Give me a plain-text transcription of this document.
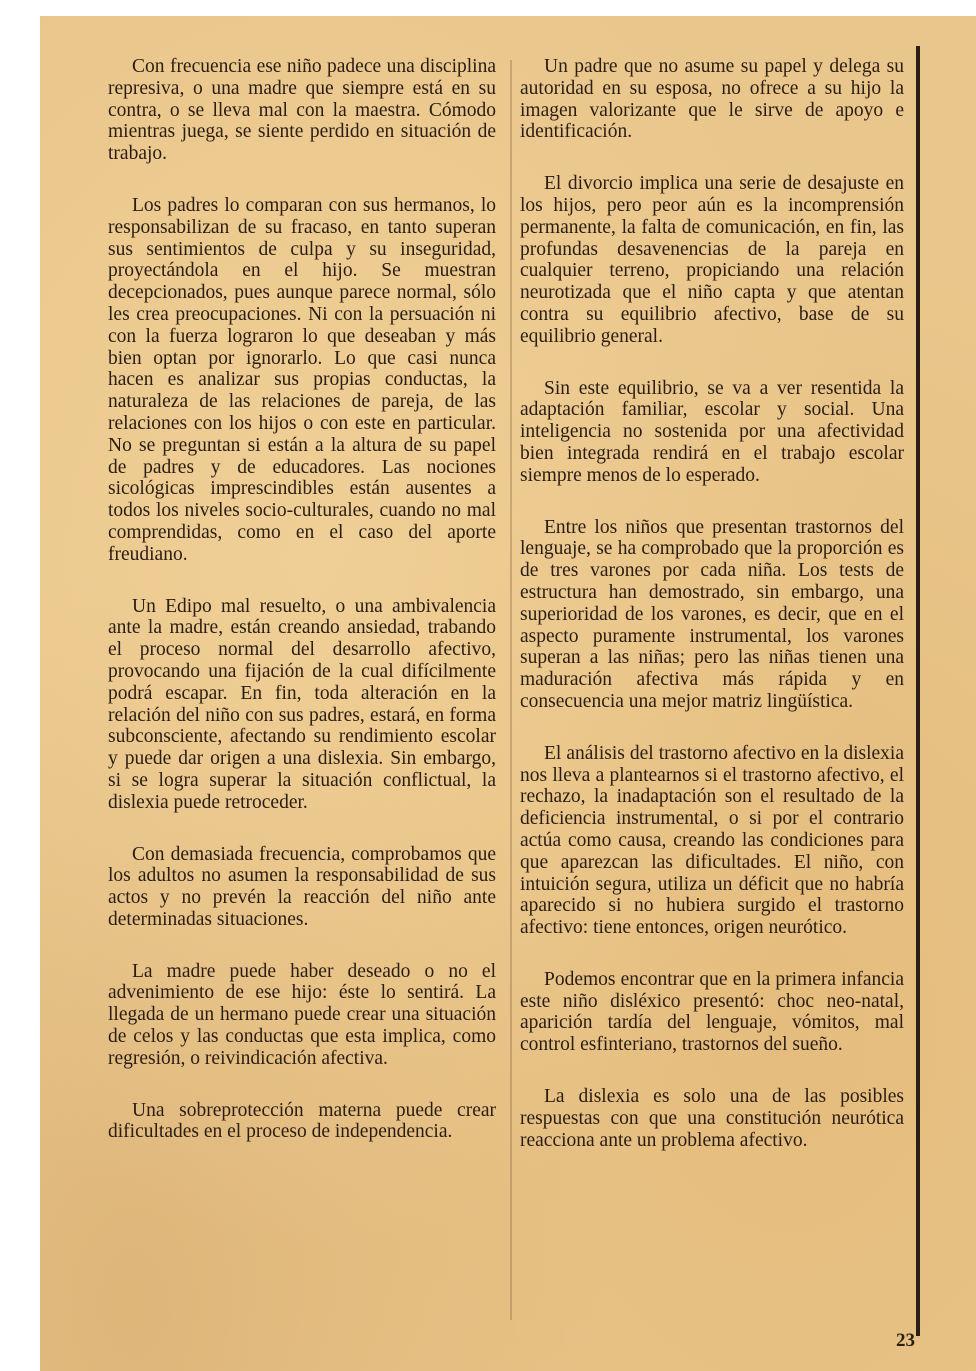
Con frecuencia ese niño padece una disciplina represiva, o una madre que siempre está en su contra, o se lleva mal con la maestra. Cómodo mientras juega, se siente perdido en situación de trabajo.

Los padres lo comparan con sus hermanos, lo responsabilizan de su fracaso, en tanto superan sus sentimientos de culpa y su inseguridad, proyectándola en el hijo. Se muestran decepcionados, pues aunque parece normal, sólo les crea preocupaciones. Ni con la persuación ni con la fuerza lograron lo que deseaban y más bien optan por ignorarlo. Lo que casi nunca hacen es analizar sus propias conductas, la naturaleza de las relaciones de pareja, de las relaciones con los hijos o con este en particular. No se preguntan si están a la altura de su papel de padres y de educadores. Las nociones sicológicas imprescindibles están ausentes a todos los niveles socio-culturales, cuando no mal comprendidas, como en el caso del aporte freudiano.

Un Edipo mal resuelto, o una ambivalencia ante la madre, están creando ansiedad, trabando el proceso normal del desarrollo afectivo, provocando una fijación de la cual difícilmente podrá escapar. En fin, toda alteración en la relación del niño con sus padres, estará, en forma subconsciente, afectando su rendimiento escolar y puede dar origen a una dislexia. Sin embargo, si se logra superar la situación conflictual, la dislexia puede retroceder.

Con demasiada frecuencia, comprobamos que los adultos no asumen la responsabilidad de sus actos y no prevén la reacción del niño ante determinadas situaciones.

La madre puede haber deseado o no el advenimiento de ese hijo: éste lo sentirá. La llegada de un hermano puede crear una situación de celos y las conductas que esta implica, como regresión, o reivindicación afectiva.

Una sobreprotección materna puede crear dificultades en el proceso de independencia.

Un padre que no asume su papel y delega su autoridad en su esposa, no ofrece a su hijo la imagen valorizante que le sirve de apoyo e identificación.

El divorcio implica una serie de desajuste en los hijos, pero peor aún es la incomprensión permanente, la falta de comunicación, en fin, las profundas desavenencias de la pareja en cualquier terreno, propiciando una relación neurotizada que el niño capta y que atentan contra su equilibrio afectivo, base de su equilibrio general.

Sin este equilibrio, se va a ver resentida la adaptación familiar, escolar y social. Una inteligencia no sostenida por una afectividad bien integrada rendirá en el trabajo escolar siempre menos de lo esperado.

Entre los niños que presentan trastornos del lenguaje, se ha comprobado que la proporción es de tres varones por cada niña. Los tests de estructura han demostrado, sin embargo, una superioridad de los varones, es decir, que en el aspecto puramente instrumental, los varones superan a las niñas; pero las niñas tienen una maduración afectiva más rápida y en consecuencia una mejor matriz lingüística.

El análisis del trastorno afectivo en la dislexia nos lleva a plantearnos si el trastorno afectivo, el rechazo, la inadaptación son el resultado de la deficiencia instrumental, o si por el contrario actúa como causa, creando las condiciones para que aparezcan las dificultades. El niño, con intuición segura, utiliza un déficit que no habría aparecido si no hubiera surgido el trastorno afectivo: tiene entonces, origen neurótico.

Podemos encontrar que en la primera infancia este niño disléxico presentó: choc neo-natal, aparición tardía del lenguaje, vómitos, mal control esfinteriano, trastornos del sueño.

La dislexia es solo una de las posibles respuestas con que una constitución neurótica reacciona ante un problema afectivo.

23
